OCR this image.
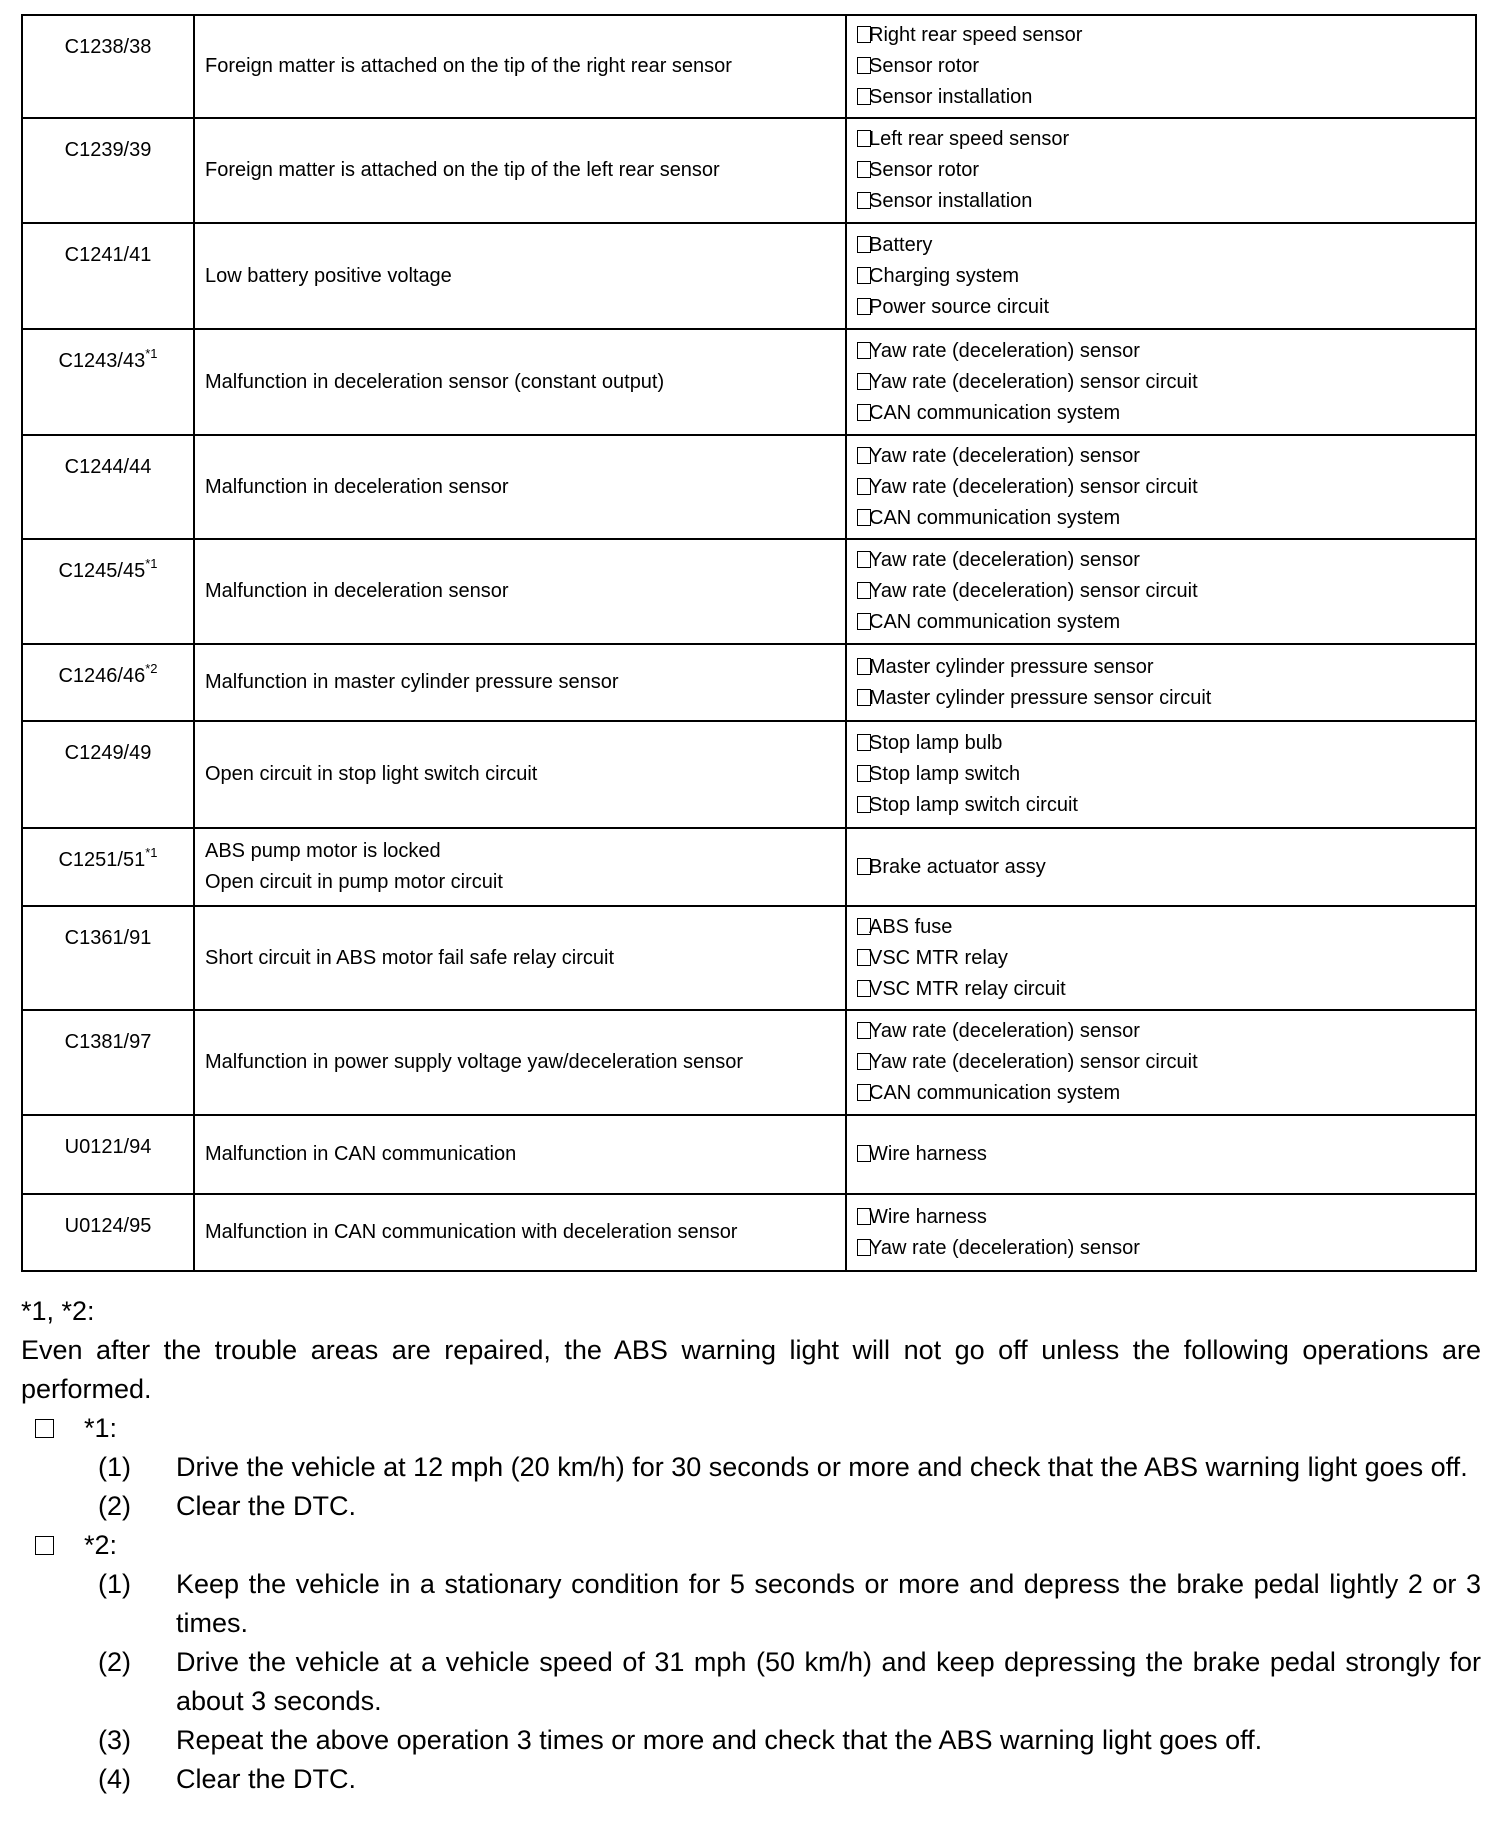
C1238/38	Foreign matter is attached on the tip of the right rear sensor	Right rear speed sensor
Sensor rotor
Sensor installation

C1239/39	Foreign matter is attached on the tip of the left rear sensor	Left rear speed sensor
Sensor rotor
Sensor installation

C1241/41	Low battery positive voltage	Battery
Charging system
Power source circuit

C1243/43$^{*1}$	Malfunction in deceleration sensor (constant output)	Yaw rate (deceleration) sensor
Yaw rate (deceleration) sensor circuit
CAN communication system

C1244/44	Malfunction in deceleration sensor	Yaw rate (deceleration) sensor
Yaw rate (deceleration) sensor circuit
CAN communication system

C1245/45$^{*1}$	Malfunction in deceleration sensor	Yaw rate (deceleration) sensor
Yaw rate (deceleration) sensor circuit
CAN communication system

C1246/46$^{*2}$	Malfunction in master cylinder pressure sensor	Master cylinder pressure sensor
Master cylinder pressure sensor circuit

C1249/49	Open circuit in stop light switch circuit	Stop lamp bulb
Stop lamp switch
Stop lamp switch circuit

C1251/51$^{*1}$	ABS pump motor is locked
Open circuit in pump motor circuit	Brake actuator assy

C1361/91	Short circuit in ABS motor fail safe relay circuit	ABS fuse
VSC MTR relay
VSC MTR relay circuit

C1381/97	Malfunction in power supply voltage yaw/deceleration sensor	Yaw rate (deceleration) sensor
Yaw rate (deceleration) sensor circuit
CAN communication system

U0121/94	Malfunction in CAN communication	Wire harness

U0124/95	Malfunction in CAN communication with deceleration sensor	Wire harness
Yaw rate (deceleration) sensor
*1, *2:
Even after the trouble areas are repaired, the ABS warning light will not go off unless the following operations are performed.
*1:
(1)	Drive the vehicle at 12 mph (20 km/h) for 30 seconds or more and check that the ABS warning light goes off.
(2)	Clear the DTC.
*2:
(1)	Keep the vehicle in a stationary condition for 5 seconds or more and depress the brake pedal lightly 2 or 3 times.
(2)	Drive the vehicle at a vehicle speed of 31 mph (50 km/h) and keep depressing the brake pedal strongly for about 3 seconds.
(3)	Repeat the above operation 3 times or more and check that the ABS warning light goes off.
(4)	Clear the DTC.
